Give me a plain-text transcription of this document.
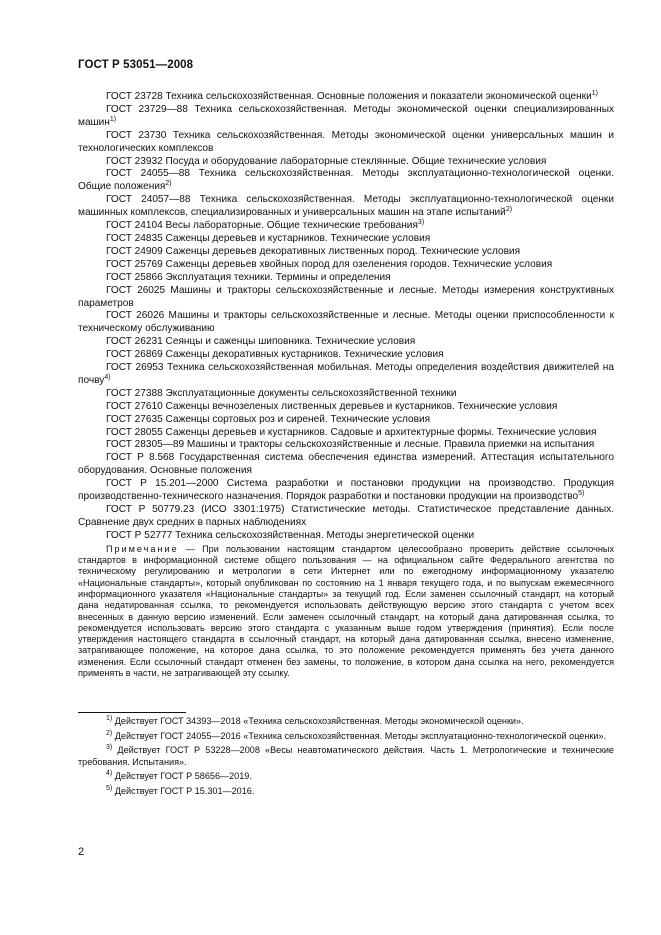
ГОСТ Р 53051—2008

ГОСТ 23728 Техника сельскохозяйственная. Основные положения и показатели экономической оценки$^{1)}$

ГОСТ 23729—88 Техника сельскохозяйственная. Методы экономической оценки специализированных машин$^{1)}$

ГОСТ 23730 Техника сельскохозяйственная. Методы экономической оценки универсальных машин и технологических комплексов

ГОСТ 23932 Посуда и оборудование лабораторные стеклянные. Общие технические условия

ГОСТ 24055—88 Техника сельскохозяйственная. Методы эксплуатационно-технологической оценки. Общие положения$^{2)}$

ГОСТ 24057—88 Техника сельскохозяйственная. Методы эксплуатационно-технологической оценки машинных комплексов, специализированных и универсальных машин на этапе испытаний$^{2)}$

ГОСТ 24104 Весы лабораторные. Общие технические требования$^{3)}$

ГОСТ 24835 Саженцы деревьев и кустарников. Технические условия

ГОСТ 24909 Саженцы деревьев декоративных лиственных пород. Технические условия

ГОСТ 25769 Саженцы деревьев хвойных пород для озеленения городов. Технические условия

ГОСТ 25866 Эксплуатация техники. Термины и определения

ГОСТ 26025 Машины и тракторы сельскохозяйственные и лесные. Методы измерения конструктивных параметров

ГОСТ 26026 Машины и тракторы сельскохозяйственные и лесные. Методы оценки приспособленности к техническому обслуживанию

ГОСТ 26231 Сеянцы и саженцы шиповника. Технические условия

ГОСТ 26869 Саженцы декоративных кустарников. Технические условия

ГОСТ 26953 Техника сельскохозяйственная мобильная. Методы определения воздействия движителей на почву$^{4)}$

ГОСТ 27388 Эксплуатационные документы сельскохозяйственной техники

ГОСТ 27610 Саженцы вечнозеленых лиственных деревьев и кустарников. Технические условия

ГОСТ 27635 Саженцы сортовых роз и сиреней. Технические условия

ГОСТ 28055 Саженцы деревьев и кустарников. Садовые и архитектурные формы. Технические условия

ГОСТ 28305—89 Машины и тракторы сельскохозяйственные и лесные. Правила приемки на испытания

ГОСТ Р 8.568 Государственная система обеспечения единства измерений. Аттестация испытательного оборудования. Основные положения

ГОСТ Р 15.201—2000 Система разработки и постановки продукции на производство. Продукция производственно-технического назначения. Порядок разработки и постановки продукции на производство$^{5)}$

ГОСТ Р 50779.23 (ИСО 3301:1975) Статистические методы. Статистическое представление данных. Сравнение двух средних в парных наблюдениях

ГОСТ Р 52777 Техника сельскохозяйственная. Методы энергетической оценки

Примечание — При пользовании настоящим стандартом целесообразно проверить действие ссылочных стандартов в информационной системе общего пользования — на официальном сайте Федерального агентства по техническому регулированию и метрологии в сети Интернет или по ежегодному информационному указателю «Национальные стандарты», который опубликован по состоянию на 1 января текущего года, и по выпускам ежемесячного информационного указателя «Национальные стандарты» за текущий год. Если заменен ссылочный стандарт, на который дана недатированная ссылка, то рекомендуется использовать действующую версию этого стандарта с учетом всех внесенных в данную версию изменений. Если заменен ссылочный стандарт, на который дана датированная ссылка, то рекомендуется использовать версию этого стандарта с указанным выше годом утверждения (принятия). Если после утверждения настоящего стандарта в ссылочный стандарт, на который дана датированная ссылка, внесено изменение, затрагивающее положение, на которое дана ссылка, то это положение рекомендуется применять без учета данного изменения. Если ссылочный стандарт отменен без замены, то положение, в котором дана ссылка на него, рекомендуется применять в части, не затрагивающей эту ссылку.

$^{1)}$ Действует ГОСТ 34393—2018 «Техника сельскохозяйственная. Методы экономической оценки».

$^{2)}$ Действует ГОСТ 24055—2016 «Техника сельскохозяйственная. Методы эксплуатационно-технологической оценки».

$^{3)}$ Действует ГОСТ Р 53228—2008 «Весы неавтоматического действия. Часть 1. Метрологические и технические требования. Испытания».

$^{4)}$ Действует ГОСТ Р 58656—2019.

$^{5)}$ Действует ГОСТ Р 15.301—2016.

2
